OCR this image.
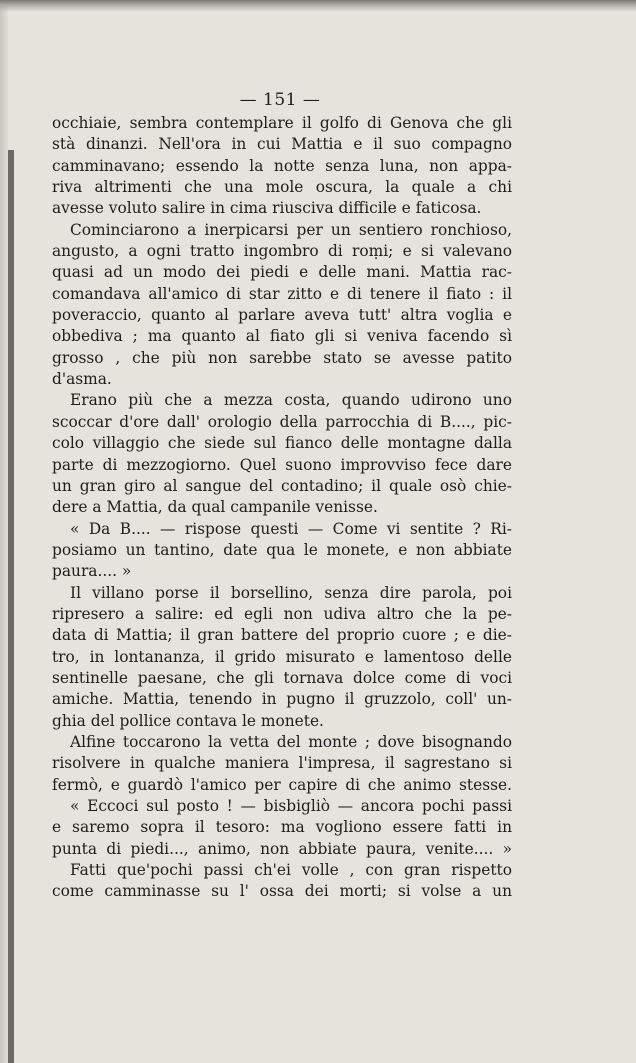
— 151 —
occhiaie, sembra contemplare il golfo di Genova che gli
stà dinanzi. Nell'ora in cui Mattia e il suo compagno
camminavano; essendo la notte senza luna, non appa-
riva altrimenti che una mole oscura, la quale a chi
avesse voluto salire in cima riusciva difficile e faticosa.
Cominciarono a inerpicarsi per un sentiero ronchioso,
angusto, a ogni tratto ingombro di roṃi; e si valevano
quasi ad un modo dei piedi e delle mani. Mattia rac-
comandava all'amico di star zitto e di tenere il fiato : il
poveraccio, quanto al parlare aveva tutt' altra voglia e
obbediva ; ma quanto al fiato gli si veniva facendo sì
grosso , che più non sarebbe stato se avesse patito
d'asma.
Erano più che a mezza costa, quando udirono uno
scoccar d'ore dall' orologio della parrocchia di B...., pic-
colo villaggio che siede sul fianco delle montagne dalla
parte di mezzogiorno. Quel suono improvviso fece dare
un gran giro al sangue del contadino; il quale osò chie-
dere a Mattia, da qual campanile venisse.
« Da B.... — rispose questi — Come vi sentite ? Ri-
posiamo un tantino, date qua le monete, e non abbiate
paura.... »
Il villano porse il borsellino, senza dire parola, poi
ripresero a salire: ed egli non udiva altro che la pe-
data di Mattia; il gran battere del proprio cuore ; e die-
tro, in lontananza, il grido misurato e lamentoso delle
sentinelle paesane, che gli tornava dolce come di voci
amiche. Mattia, tenendo in pugno il gruzzolo, coll' un-
ghia del pollice contava le monete.
Alfine toccarono la vetta del monte ; dove bisognando
risolvere in qualche maniera l'impresa, il sagrestano si
fermò, e guardò l'amico per capire di che animo stesse.
« Eccoci sul posto ! — bisbigliò — ancora pochi passi
e saremo sopra il tesoro: ma vogliono essere fatti in
punta di piedi..., animo, non abbiate paura, venite.... »
Fatti que'pochi passi ch'ei volle , con gran rispetto
come camminasse su l' ossa dei morti; si volse a un
